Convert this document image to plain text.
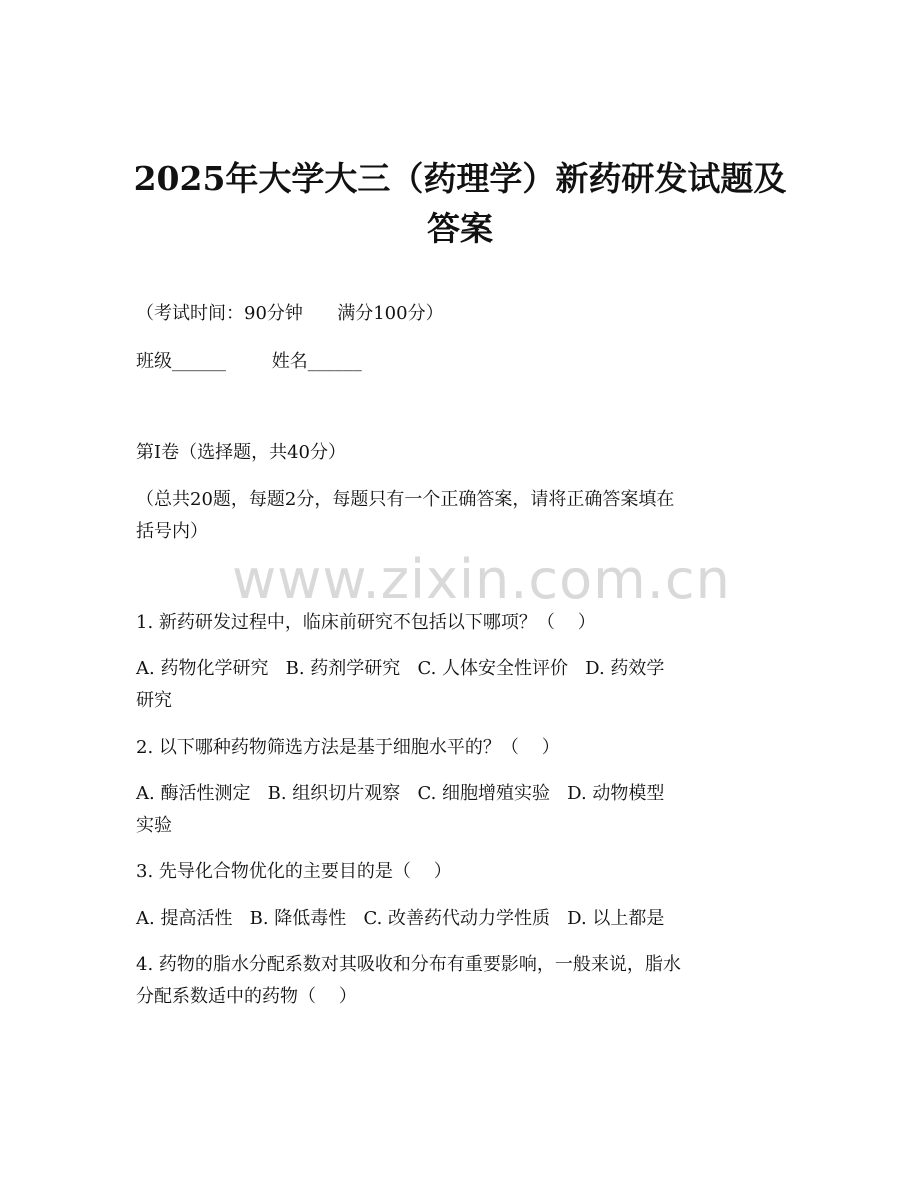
2025年大学大三（药理学）新药研发试题及
答案
（考试时间：90分钟      满分100分）
班级______        姓名______
第I卷（选择题，共40分）
（总共20题，每题2分，每题只有一个正确答案，请将正确答案填在
括号内）
www.zixin.com.cn
1. 新药研发过程中，临床前研究不包括以下哪项？（    ）
A. 药物化学研究   B. 药剂学研究   C. 人体安全性评价   D. 药效学
研究
2. 以下哪种药物筛选方法是基于细胞水平的？（    ）
A. 酶活性测定   B. 组织切片观察   C. 细胞增殖实验   D. 动物模型
实验
3. 先导化合物优化的主要目的是（    ）
A. 提高活性   B. 降低毒性   C. 改善药代动力学性质   D. 以上都是
4. 药物的脂水分配系数对其吸收和分布有重要影响，一般来说，脂水
分配系数适中的药物（    ）
